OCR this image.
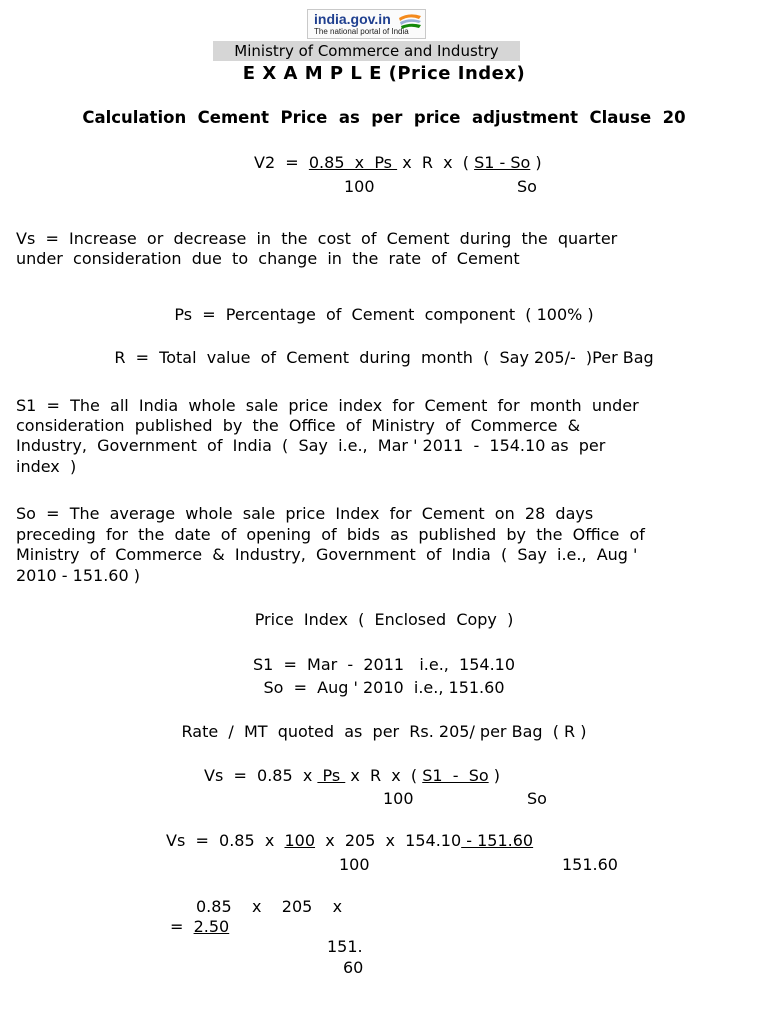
india.gov.in
The national portal of India
Ministry of Commerce and Industry
E X A M P L E (Price Index)
Calculation  Cement  Price  as  per  price  adjustment  Clause  20
V2  =  0.85  x  Ps  x  R  x  ( S1 - So )
100	So
Vs  =  Increase  or  decrease  in  the  cost  of  Cement  during  the  quarter
under  consideration  due  to  change  in  the  rate  of  Cement
Ps  =  Percentage  of  Cement  component  ( 100% )
R  =  Total  value  of  Cement  during  month  (  Say 205/-  )Per Bag
S1  =  The  all  India  whole  sale  price  index  for  Cement  for  month  under
consideration  published  by  the  Office  of  Ministry  of  Commerce  &
Industry,  Government  of  India  (  Say  i.e.,  Mar ' 2011  -  154.10 as  per
index  )
So  =  The  average  whole  sale  price  Index  for  Cement  on  28  days
preceding  for  the  date  of  opening  of  bids  as  published  by  the  Office  of
Ministry  of  Commerce  &  Industry,  Government  of  India  (  Say  i.e.,  Aug '
2010 - 151.60 )
Price  Index  (  Enclosed  Copy  )
S1  =  Mar  -  2011   i.e.,  154.10
So  =  Aug ' 2010  i.e., 151.60
Rate  /  MT  quoted  as  per  Rs. 205/ per Bag  ( R )
Vs  =  0.85  x  Ps  x  R  x  ( S1  -  So )
100	So
Vs  =  0.85  x  100  x  205  x  154.10 - 151.60
100	151.60
0.85    x    205    x
=  2.50
151.
60
